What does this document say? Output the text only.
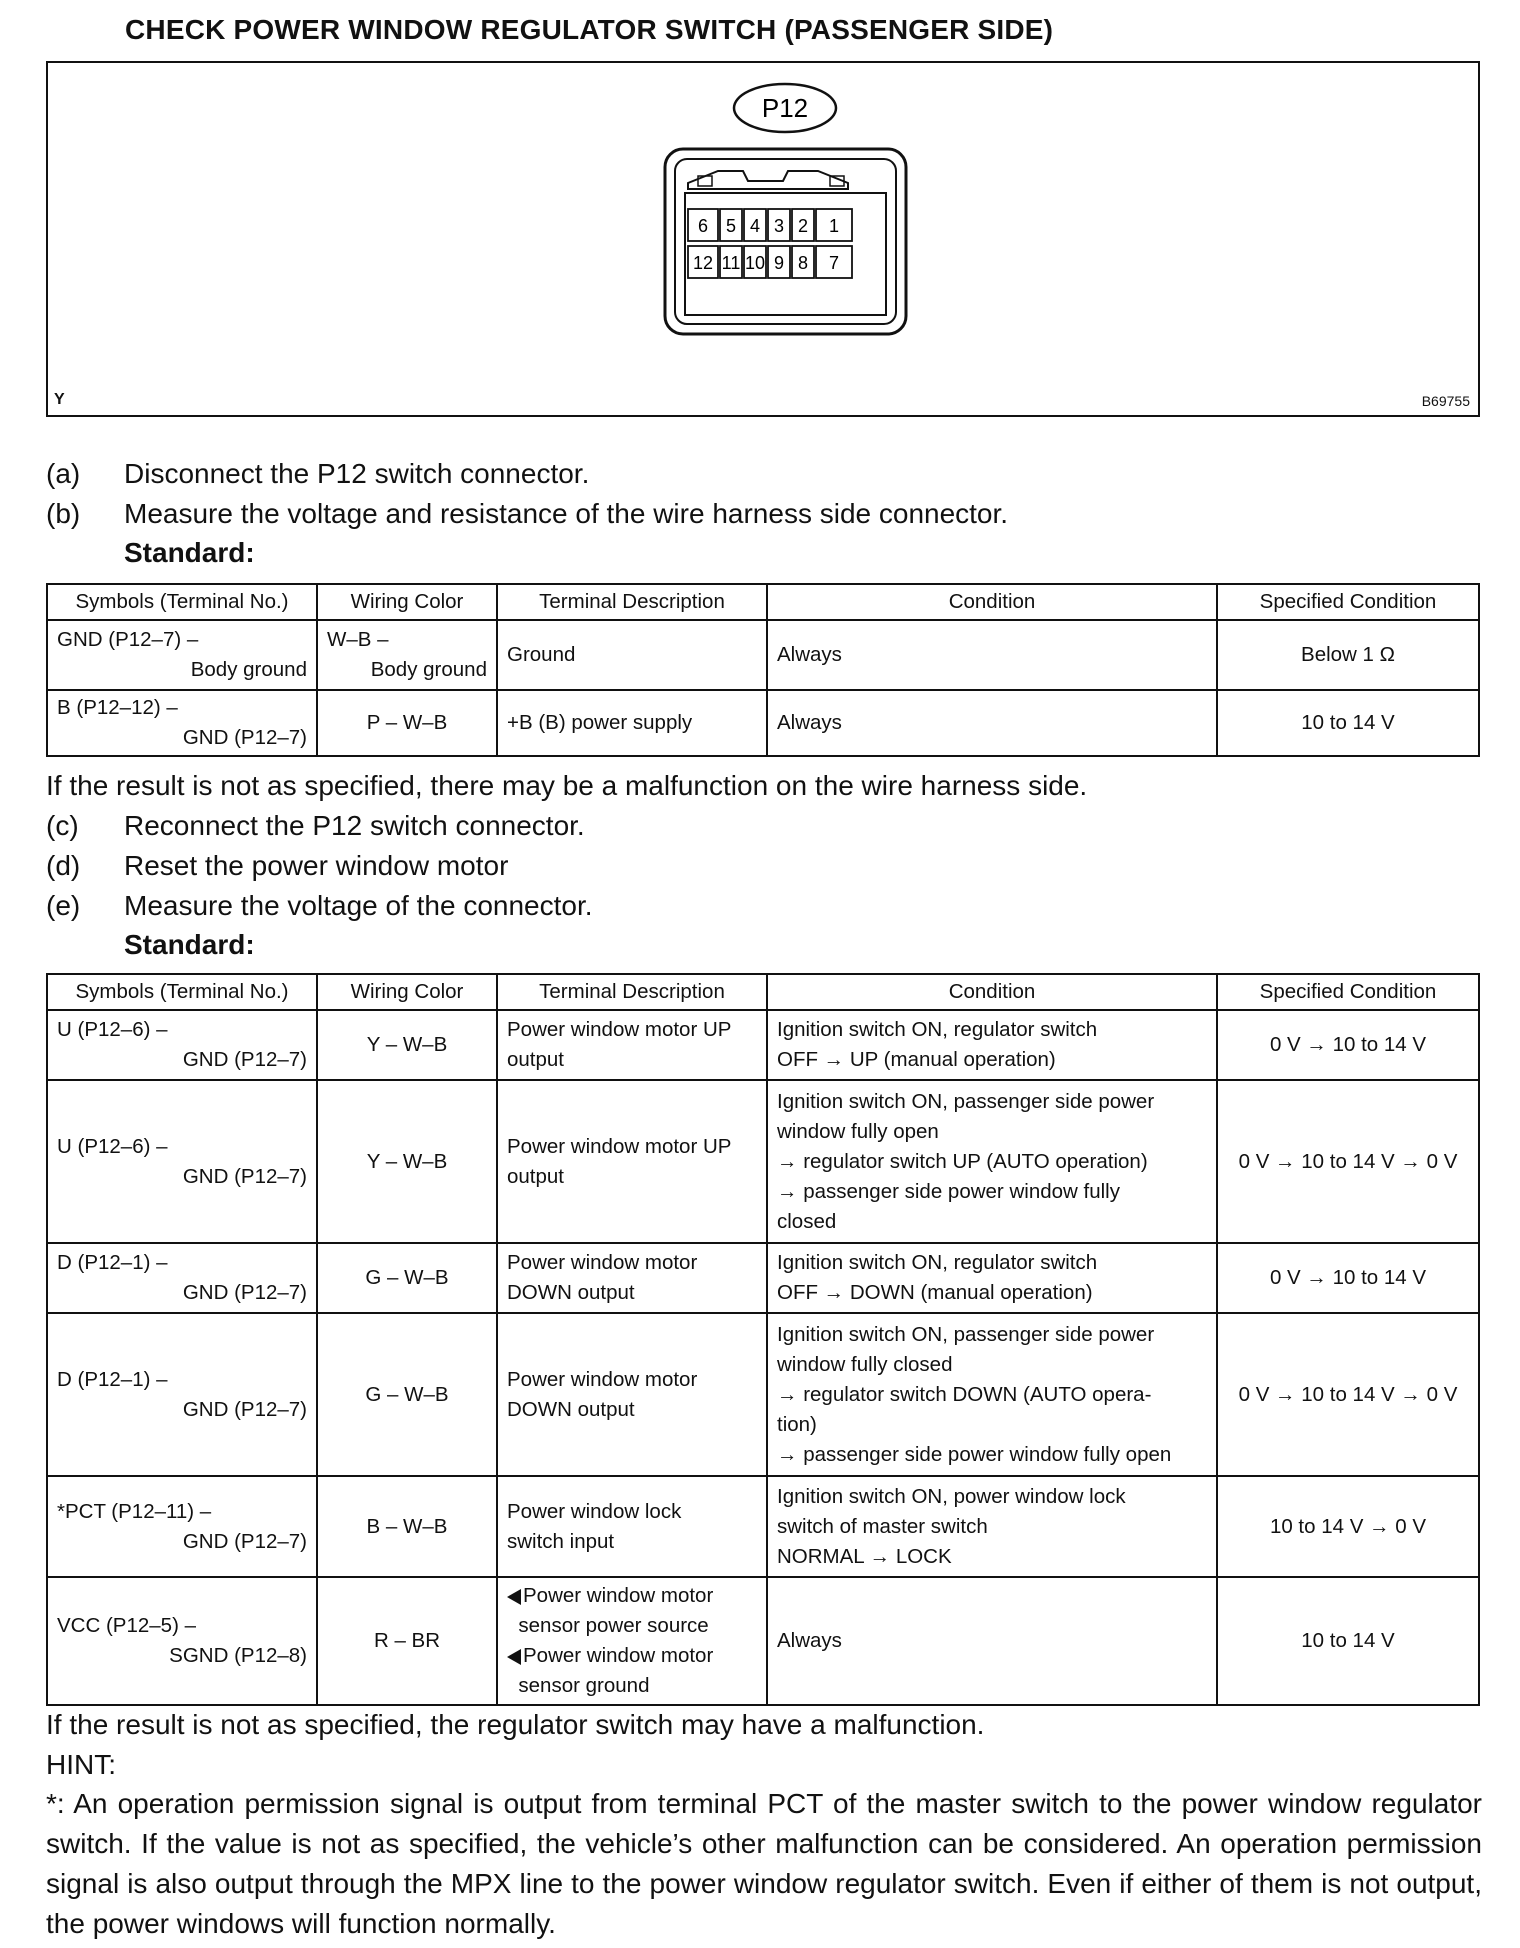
CHECK POWER WINDOW REGULATOR SWITCH (PASSENGER SIDE)
P12
6 5 4 3 2 1
12 11 10 9 8 7
Y	B69755
(a) Disconnect the P12 switch connector.
(b) Measure the voltage and resistance of the wire harness side connector.
Standard:
Symbols (Terminal No.)	Wiring Color	Terminal Description	Condition	Specified Condition
GND (P12–7) –
Body ground	W–B –
Body ground	Ground	Always	Below 1 Ω
B (P12–12) –
GND (P12–7)	P – W–B	+B (B) power supply	Always	10 to 14 V
If the result is not as specified, there may be a malfunction on the wire harness side.
(c) Reconnect the P12 switch connector.
(d) Reset the power window motor
(e) Measure the voltage of the connector.
Standard:
Symbols (Terminal No.)	Wiring Color	Terminal Description	Condition	Specified Condition
U (P12–6) –
GND (P12–7)	Y – W–B	Power window motor UP
output	Ignition switch ON, regulator switch
OFF → UP (manual operation)	0 V → 10 to 14 V
U (P12–6) –
GND (P12–7)	Y – W–B	Power window motor UP
output	Ignition switch ON, passenger side power
window fully open
→ regulator switch UP (AUTO operation)
→ passenger side power window fully
closed	0 V → 10 to 14 V → 0 V
D (P12–1) –
GND (P12–7)	G – W–B	Power window motor
DOWN output	Ignition switch ON, regulator switch
OFF → DOWN (manual operation)	0 V → 10 to 14 V
D (P12–1) –
GND (P12–7)	G – W–B	Power window motor
DOWN output	Ignition switch ON, passenger side power
window fully closed
→ regulator switch DOWN (AUTO opera-
tion)
→ passenger side power window fully open	0 V → 10 to 14 V → 0 V
*PCT (P12–11) –
GND (P12–7)	B – W–B	Power window lock
switch input	Ignition switch ON, power window lock
switch of master switch
NORMAL → LOCK	10 to 14 V → 0 V
VCC (P12–5) –
SGND (P12–8)	R – BR	Power window motor
sensor power source
Power window motor
sensor ground	Always	10 to 14 V
If the result is not as specified, the regulator switch may have a malfunction.
HINT:
*: An operation permission signal is output from terminal PCT of the master switch to the power window regulator switch. If the value is not as specified, the vehicle’s other malfunction can be considered. An operation permission signal is also output through the MPX line to the power window regulator switch. Even if either of them is not output, the power windows will function normally.
